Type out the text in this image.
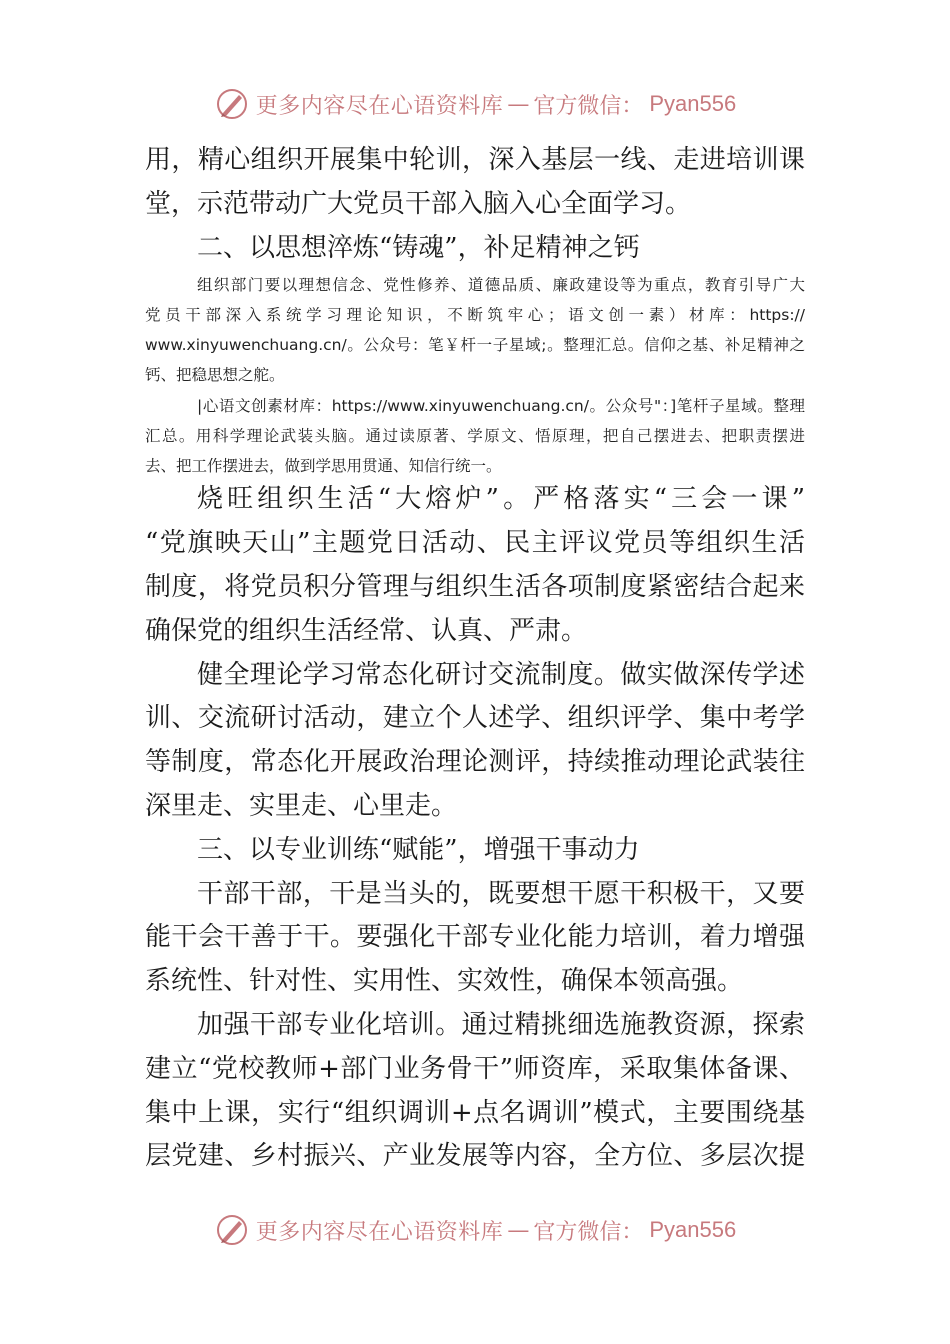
更多内容尽在心语资料库 — 官方微信： Pyan556
用，精心组织开展集中轮训，深入基层一线、走进培训课
堂，示范带动广大党员干部入脑入心全面学习。
二、以思想淬炼“铸魂”，补足精神之钙
组织部门要以理想信念、党性修养、道德品质、廉政建设等为重点，教育引导广大
党员干部深入系统学习理论知识，不断筑牢心；语文创一素）材库：https://
www.xinyuwenchuang.cn/。公众号：笔￥杆一子星域;。整理汇总。信仰之基、补足精神之
钙、把稳思想之舵。
|心语文创素材库：https://www.xinyuwenchuang.cn/。公众号"：]笔杆子星域。整理
汇总。用科学理论武装头脑。通过读原著、学原文、悟原理，把自己摆进去、把职责摆进
去、把工作摆进去，做到学思用贯通、知信行统一。
烧旺组织生活“大熔炉”。严格落实“三会一课”
“党旗映天山”主题党日活动、民主评议党员等组织生活
制度，将党员积分管理与组织生活各项制度紧密结合起来
确保党的组织生活经常、认真、严肃。
健全理论学习常态化研讨交流制度。做实做深传学述
训、交流研讨活动，建立个人述学、组织评学、集中考学
等制度，常态化开展政治理论测评，持续推动理论武装往
深里走、实里走、心里走。
三、以专业训练“赋能”，增强干事动力
干部干部，干是当头的，既要想干愿干积极干，又要
能干会干善于干。要强化干部专业化能力培训，着力增强
系统性、针对性、实用性、实效性，确保本领高强。
加强干部专业化培训。通过精挑细选施教资源，探索
建立“党校教师+部门业务骨干”师资库，采取集体备课、
集中上课，实行“组织调训+点名调训”模式，主要围绕基
层党建、乡村振兴、产业发展等内容，全方位、多层次提
更多内容尽在心语资料库 — 官方微信： Pyan556
